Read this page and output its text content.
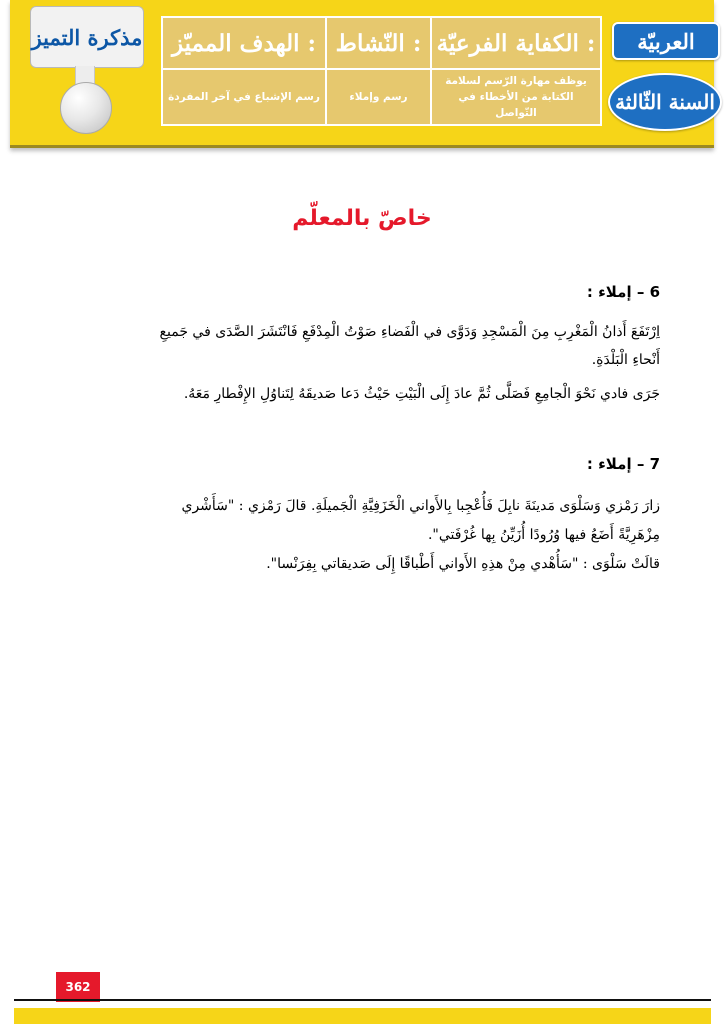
مذكرة التميز	الكفاية الفرعيّة :
يوظف مهارة الرّسم لسلامة الكتابة من الأخطاء في التّواصل
النّشاط :
رسم وإملاء
الهدف المميّز :
رسم الإشباع في آخر المفردة
العربيّة
السنة الثّالثة
خاصّ بالمعلّم
6 – إملاء :

اِرْتَفَعَ أَذانُ الْمَغْرِبِ مِنَ الْمَسْجِدِ وَدَوَّى في الْفَضاءِ صَوْتُ الْمِدْفَعِ فَانْتَشَرَ الصَّدَى في جَميعِ

أَنْحاءِ الْبَلْدَةِ.

جَرَى فادي نَحْوَ الْجامِعِ فَصَلَّى ثُمَّ عادَ إِلَى الْبَيْتِ حَيْثُ دَعا صَديقَهُ لِتَناوُلِ الإِفْطارِ مَعَهُ.

7 – إملاء :

زارَ رَمْزي وَسَلْوَى مَدينَةَ نابِلَ فَأُعْجِبا بِالأَواني الْخَزَفِيَّةِ الْجَميلَةِ. قالَ رَمْزي : "سَأَشْري

مِزْهَرِيَّةً أَضَعُ فيها وُرُودًا أُزَيِّنُ بِها غُرْفَتي".

قالَتْ سَلْوَى : "سَأُهْدي مِنْ هذِهِ الأَواني أَطْباقًا إِلَى صَديقاتي بِفِرَنْسا".

362
